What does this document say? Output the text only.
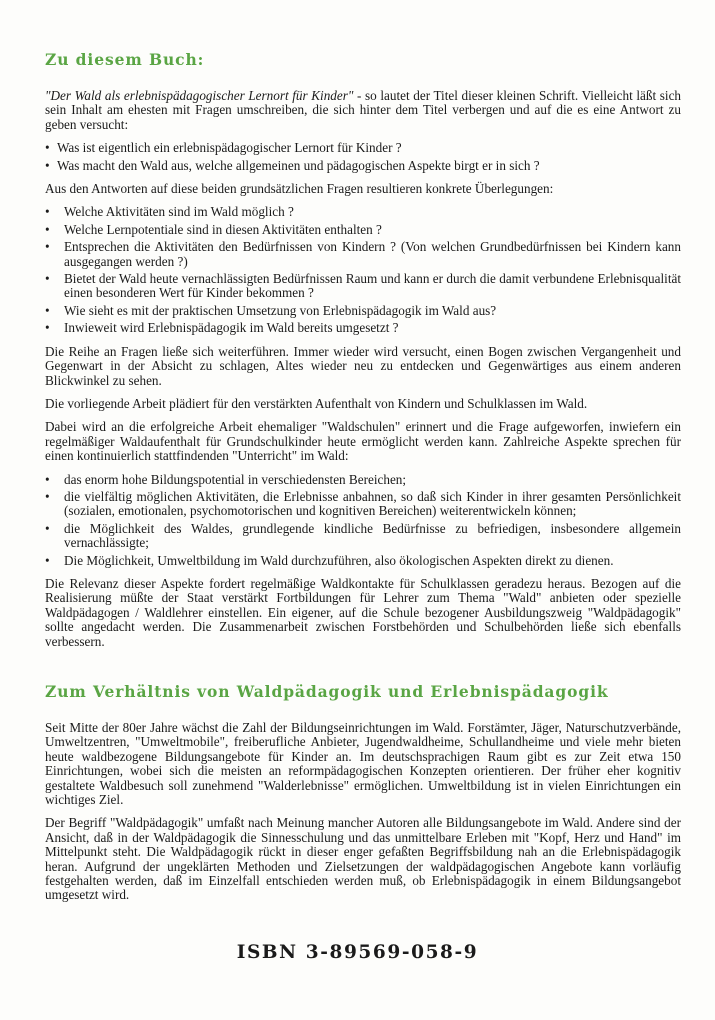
Zu diesem Buch:

"Der Wald als erlebnispädagogischer Lernort für Kinder" - so lautet der Titel dieser kleinen Schrift. Vielleicht läßt sich sein Inhalt am ehesten mit Fragen umschreiben, die sich hinter dem Titel verbergen und auf die es eine Antwort zu geben versucht:

• Was ist eigentlich ein erlebnispädagogischer Lernort für Kinder ?
• Was macht den Wald aus, welche allgemeinen und pädagogischen Aspekte birgt er in sich ?

Aus den Antworten auf diese beiden grundsätzlichen Fragen resultieren konkrete Überlegungen:

• Welche Aktivitäten sind im Wald möglich ?
• Welche Lernpotentiale sind in diesen Aktivitäten enthalten ?
• Entsprechen die Aktivitäten den Bedürfnissen von Kindern ? (Von welchen Grundbedürfnissen bei Kindern kann ausgegangen werden ?)
• Bietet der Wald heute vernachlässigten Bedürfnissen Raum und kann er durch die damit verbundene Erlebnisqualität einen besonderen Wert für Kinder bekommen ?
• Wie sieht es mit der praktischen Umsetzung von Erlebnispädagogik im Wald aus?
• Inwieweit wird Erlebnispädagogik im Wald bereits umgesetzt ?

Die Reihe an Fragen ließe sich weiterführen. Immer wieder wird versucht, einen Bogen zwischen Vergangenheit und Gegenwart in der Absicht zu schlagen, Altes wieder neu zu entdecken und Gegenwärtiges aus einem anderen Blickwinkel zu sehen.

Die vorliegende Arbeit plädiert für den verstärkten Aufenthalt von Kindern und Schulklassen im Wald.

Dabei wird an die erfolgreiche Arbeit ehemaliger "Waldschulen" erinnert und die Frage aufgeworfen, inwiefern ein regelmäßiger Waldaufenthalt für Grundschulkinder heute ermöglicht werden kann. Zahlreiche Aspekte sprechen für einen kontinuierlich stattfindenden "Unterricht" im Wald:

• das enorm hohe Bildungspotential in verschiedensten Bereichen;
• die vielfältig möglichen Aktivitäten, die Erlebnisse anbahnen, so daß sich Kinder in ihrer gesamten Persönlichkeit (sozialen, emotionalen, psychomotorischen und kognitiven Bereichen) weiterentwickeln können;
• die Möglichkeit des Waldes, grundlegende kindliche Bedürfnisse zu befriedigen, insbesondere allgemein vernachlässigte;
• Die Möglichkeit, Umweltbildung im Wald durchzuführen, also ökologischen Aspekten direkt zu dienen.

Die Relevanz dieser Aspekte fordert regelmäßige Waldkontakte für Schulklassen geradezu heraus. Bezogen auf die Realisierung müßte der Staat verstärkt Fortbildungen für Lehrer zum Thema "Wald" anbieten oder spezielle Waldpädagogen / Waldlehrer einstellen. Ein eigener, auf die Schule bezogener Ausbildungszweig "Waldpädagogik" sollte angedacht werden. Die Zusammenarbeit zwischen Forstbehörden und Schulbehörden ließe sich ebenfalls verbessern.

Zum Verhältnis von Waldpädagogik und Erlebnispädagogik

Seit Mitte der 80er Jahre wächst die Zahl der Bildungseinrichtungen im Wald. Forstämter, Jäger, Naturschutzverbände, Umweltzentren, "Umweltmobile", freiberufliche Anbieter, Jugendwaldheime, Schullandheime und viele mehr bieten heute waldbezogene Bildungsangebote für Kinder an. Im deutschsprachigen Raum gibt es zur Zeit etwa 150 Einrichtungen, wobei sich die meisten an reformpädagogischen Konzepten orientieren. Der früher eher kognitiv gestaltete Waldbesuch soll zunehmend "Walderlebnisse" ermöglichen. Umweltbildung ist in vielen Einrichtungen ein wichtiges Ziel.

Der Begriff "Waldpädagogik" umfaßt nach Meinung mancher Autoren alle Bildungsangebote im Wald. Andere sind der Ansicht, daß in der Waldpädagogik die Sinnesschulung und das unmittelbare Erleben mit "Kopf, Herz und Hand" im Mittelpunkt steht. Die Waldpädagogik rückt in dieser enger gefaßten Begriffsbildung nah an die Erlebnispädagogik heran. Aufgrund der ungeklärten Methoden und Zielsetzungen der waldpädagogischen Angebote kann vorläufig festgehalten werden, daß im Einzelfall entschieden werden muß, ob Erlebnispädagogik in einem Bildungsangebot umgesetzt wird.

ISBN 3-89569-058-9
